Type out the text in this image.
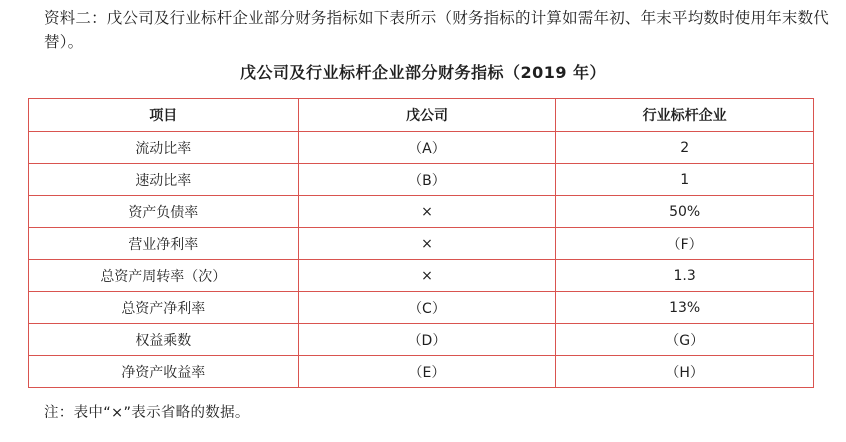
资料二：戊公司及行业标杆企业部分财务指标如下表所示（财务指标的计算如需年初、年末平均数时使用年末数代替）。
戊公司及行业标杆企业部分财务指标（2019 年）
项目	戊公司	行业标杆企业
流动比率	（A）	2
速动比率	（B）	1
资产负债率	×	50%
营业净利率	×	（F）
总资产周转率（次）	×	1.3
总资产净利率	（C）	13%
权益乘数	（D）	（G）
净资产收益率	（E）	（H）
注：表中“×”表示省略的数据。
